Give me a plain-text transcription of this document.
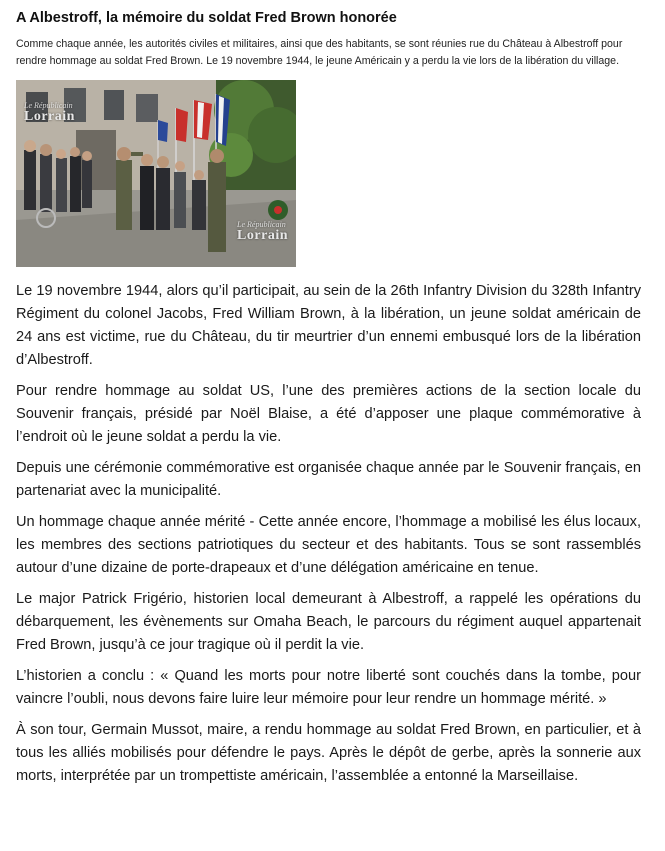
A Albestroff, la mémoire du soldat Fred Brown honorée

Comme chaque année, les autorités civiles et militaires, ainsi que des habitants, se sont réunies rue du Château à Albestroff pour rendre hommage au soldat Fred Brown. Le 19 novembre 1944, le jeune Américain y a perdu la vie lors de la libération du village.

Le Républicain
Lorrain
Le Républicain
Lorrain

Le 19 novembre 1944, alors qu’il participait, au sein de la 26th Infantry Division du 328th Infantry Régiment du colonel Jacobs, Fred William Brown, à la libération, un jeune soldat américain de 24 ans est victime, rue du Château, du tir meurtrier d’un ennemi embusqué lors de la libération d’Albestroff.

Pour rendre hommage au soldat US, l’une des premières actions de la section locale du Souvenir français, présidé par Noël Blaise, a été d’apposer une plaque commémorative à l’endroit où le jeune soldat a perdu la vie.

Depuis une cérémonie commémorative est organisée chaque année par le Souvenir français, en partenariat avec la municipalité.

Un hommage chaque année mérité - Cette année encore, l’hommage a mobilisé les élus locaux, les membres des sections patriotiques du secteur et des habitants. Tous se sont rassemblés autour d’une dizaine de porte-drapeaux et d’une délégation américaine en tenue.

Le major Patrick Frigério, historien local demeurant à Albestroff, a rappelé les opérations du débarquement, les évènements sur Omaha Beach, le parcours du régiment auquel appartenait Fred Brown, jusqu’à ce jour tragique où il perdit la vie.

L’historien a conclu : « Quand les morts pour notre liberté sont couchés dans la tombe, pour vaincre l’oubli, nous devons faire luire leur mémoire pour leur rendre un hommage mérité. »

À son tour, Germain Mussot, maire, a rendu hommage au soldat Fred Brown, en particulier, et à tous les alliés mobilisés pour défendre le pays. Après le dépôt de gerbe, après la sonnerie aux morts, interprétée par un trompettiste américain, l’assemblée a entonné la Marseillaise.
